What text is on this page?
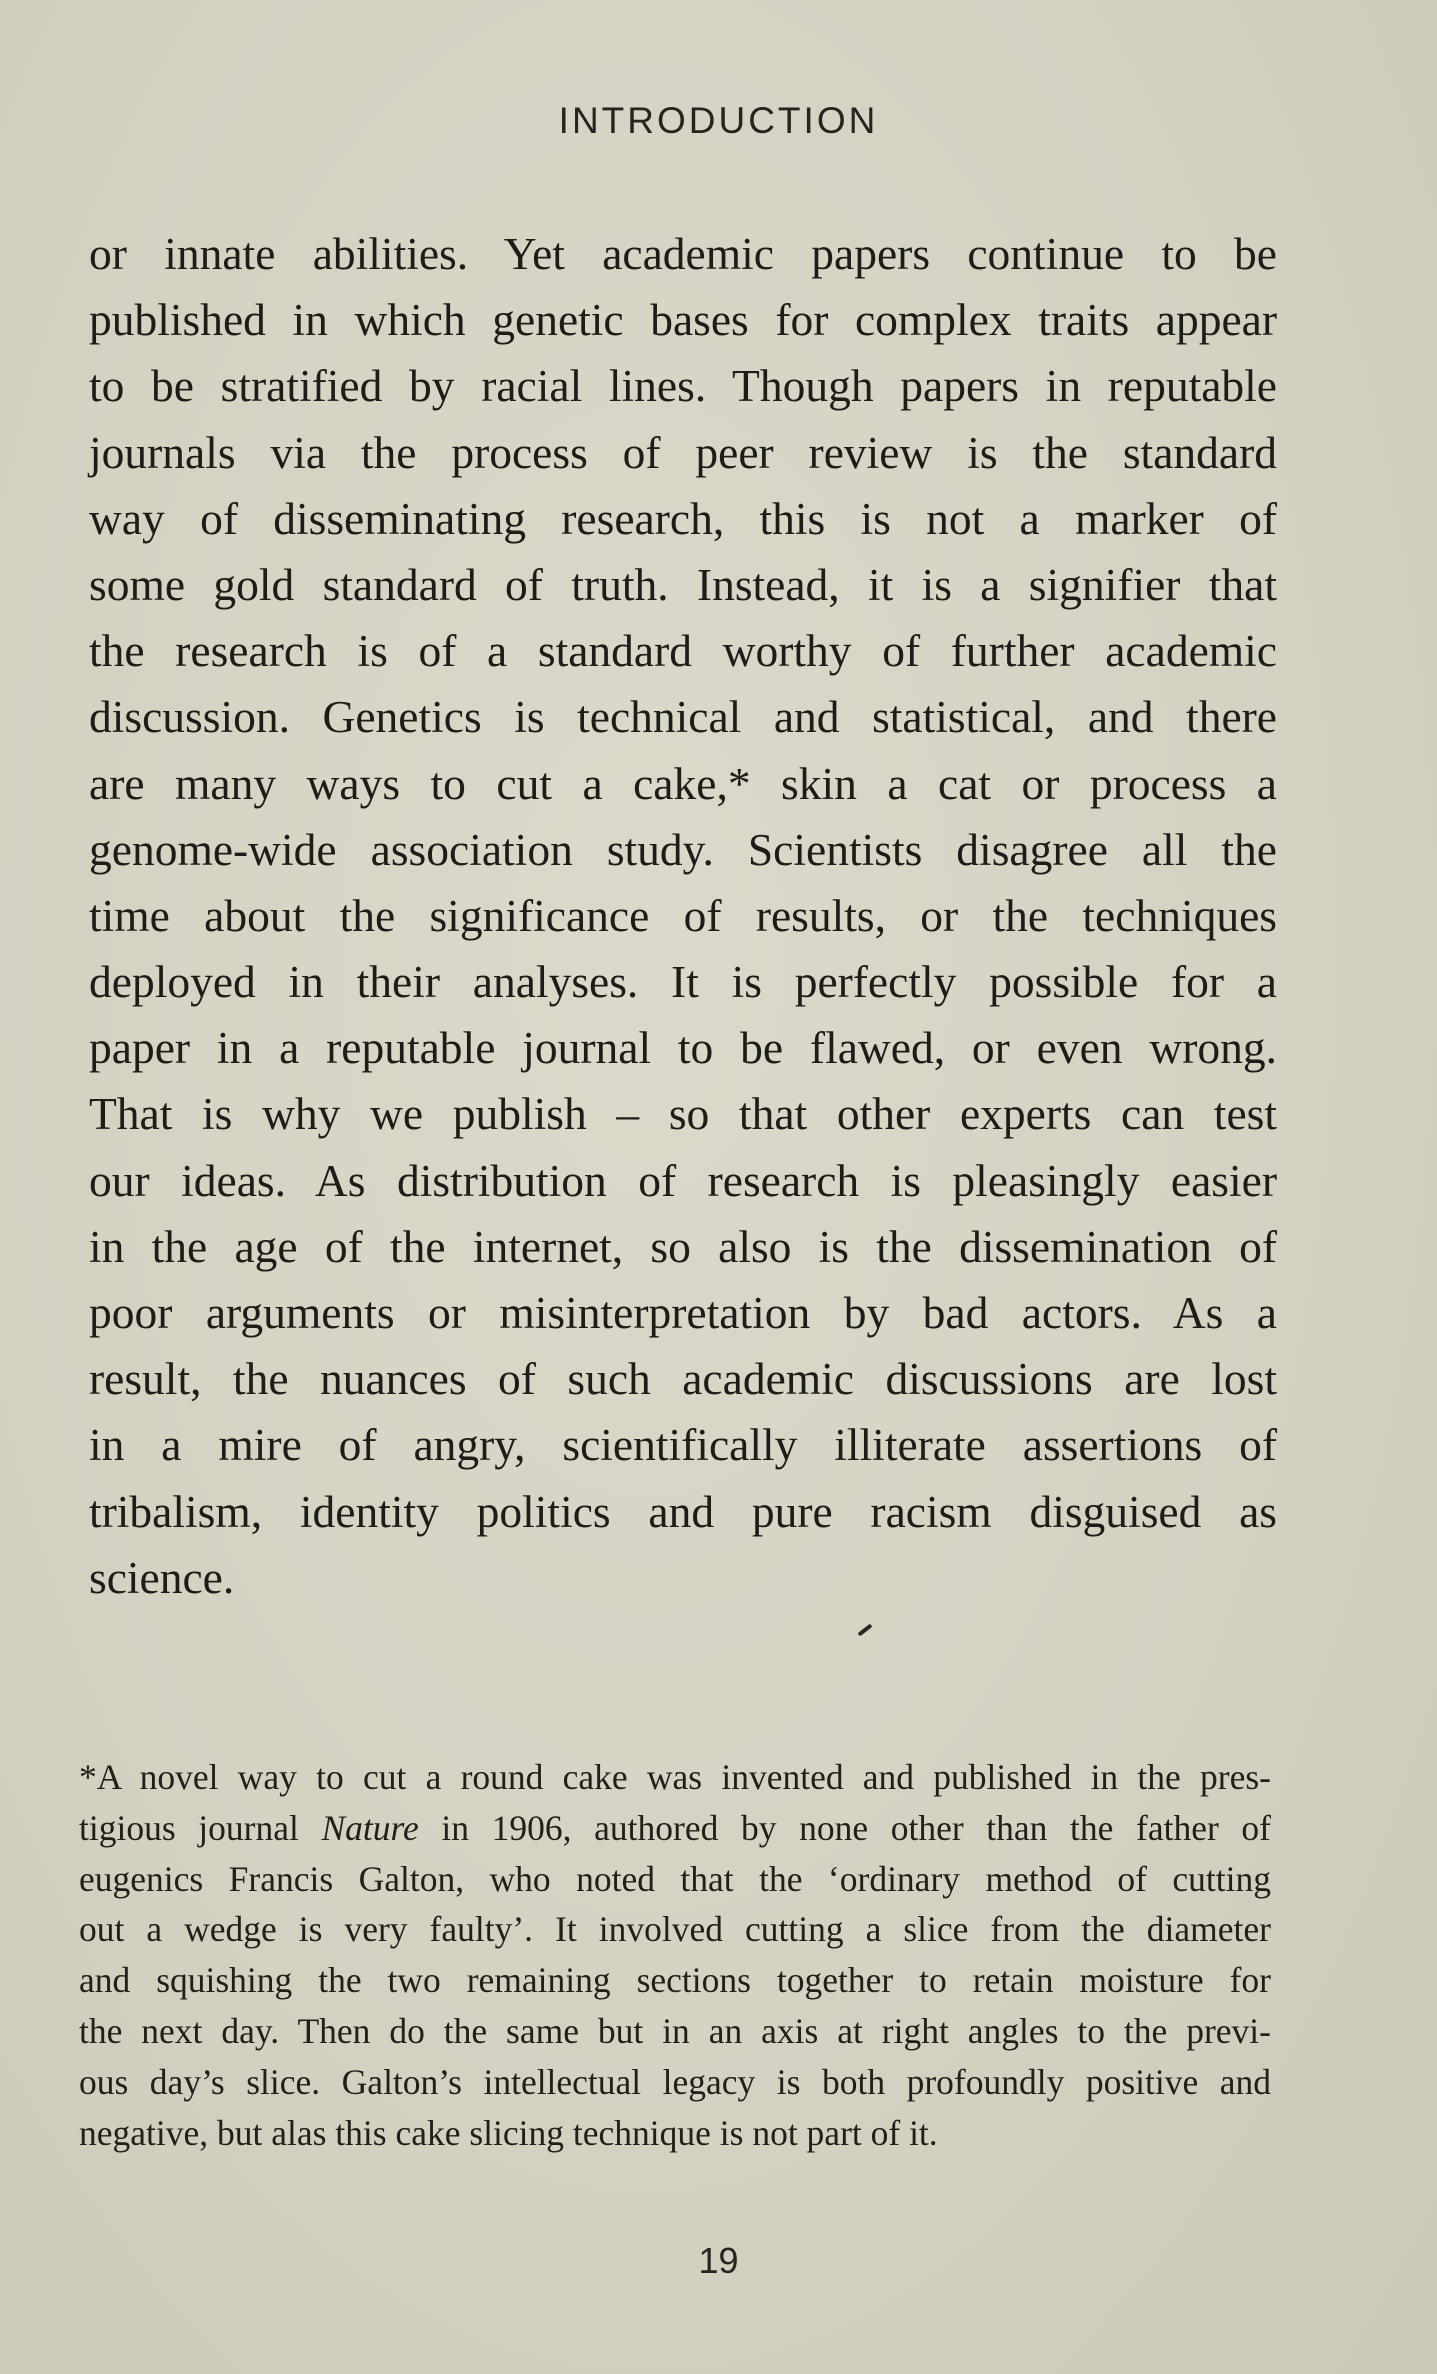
INTRODUCTION
or innate abilities. Yet academic papers continue to be
published in which genetic bases for complex traits appear
to be stratified by racial lines. Though papers in reputable
journals via the process of peer review is the standard
way of disseminating research, this is not a marker of
some gold standard of truth. Instead, it is a signifier that
the research is of a standard worthy of further academic
discussion. Genetics is technical and statistical, and there
are many ways to cut a cake,* skin a cat or process a
genome-wide association study. Scientists disagree all the
time about the significance of results, or the techniques
deployed in their analyses. It is perfectly possible for a
paper in a reputable journal to be flawed, or even wrong.
That is why we publish – so that other experts can test
our ideas. As distribution of research is pleasingly easier
in the age of the internet, so also is the dissemination of
poor arguments or misinterpretation by bad actors. As a
result, the nuances of such academic discussions are lost
in a mire of angry, scientifically illiterate assertions of
tribalism, identity politics and pure racism disguised as
science.
*A novel way to cut a round cake was invented and published in the pres-
tigious journal Nature in 1906, authored by none other than the father of
eugenics Francis Galton, who noted that the ‘ordinary method of cutting
out a wedge is very faulty’. It involved cutting a slice from the diameter
and squishing the two remaining sections together to retain moisture for
the next day. Then do the same but in an axis at right angles to the previ-
ous day’s slice. Galton’s intellectual legacy is both profoundly positive and
negative, but alas this cake slicing technique is not part of it.
19
